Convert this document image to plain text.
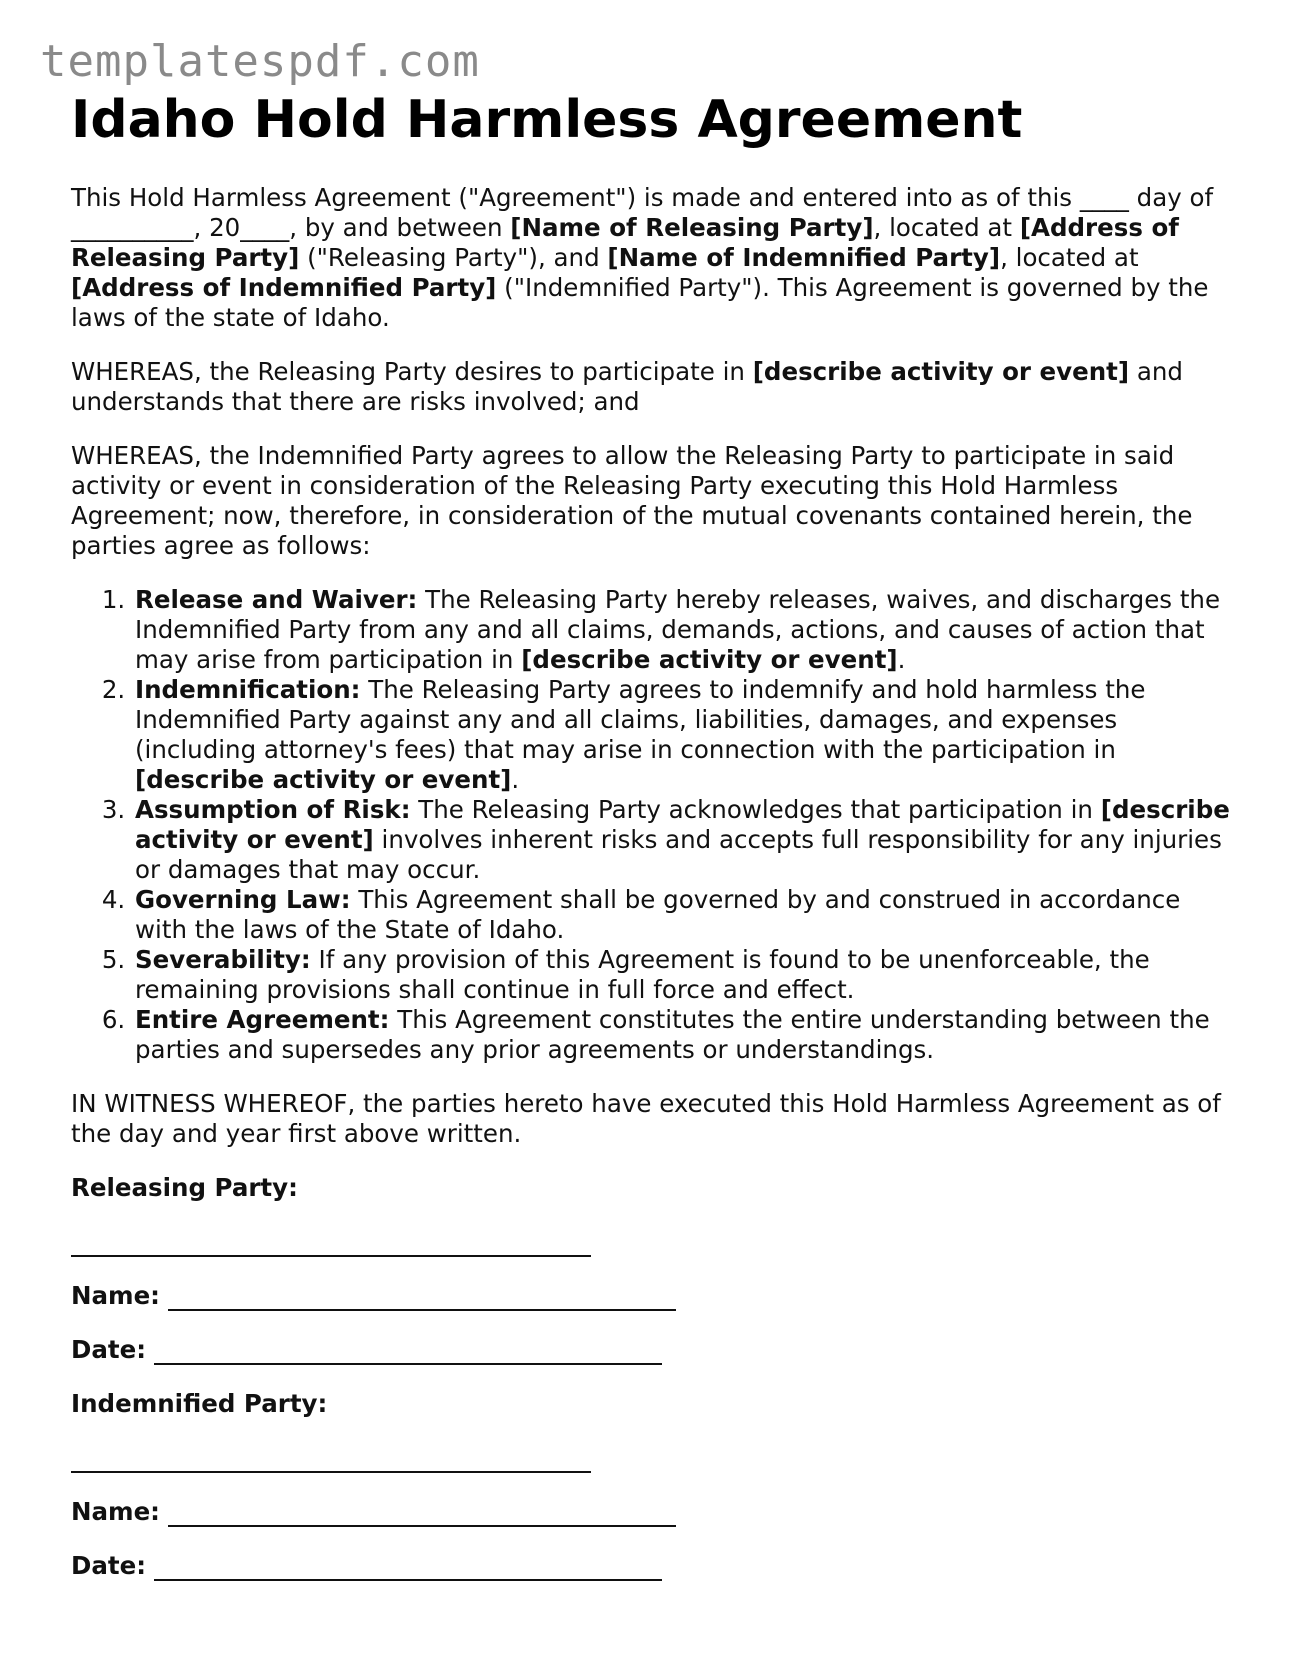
templatespdf.com
Idaho Hold Harmless Agreement

This Hold Harmless Agreement ("Agreement") is made and entered into as of this ____ day of __________, 20____, by and between [Name of Releasing Party], located at [Address of Releasing Party] ("Releasing Party"), and [Name of Indemnified Party], located at [Address of Indemnified Party] ("Indemnified Party"). This Agreement is governed by the laws of the state of Idaho.

WHEREAS, the Releasing Party desires to participate in [describe activity or event] and understands that there are risks involved; and

WHEREAS, the Indemnified Party agrees to allow the Releasing Party to participate in said activity or event in consideration of the Releasing Party executing this Hold Harmless Agreement; now, therefore, in consideration of the mutual covenants contained herein, the parties agree as follows:

1. Release and Waiver: The Releasing Party hereby releases, waives, and discharges the Indemnified Party from any and all claims, demands, actions, and causes of action that may arise from participation in [describe activity or event].
2. Indemnification: The Releasing Party agrees to indemnify and hold harmless the Indemnified Party against any and all claims, liabilities, damages, and expenses (including attorney's fees) that may arise in connection with the participation in [describe activity or event].
3. Assumption of Risk: The Releasing Party acknowledges that participation in [describe activity or event] involves inherent risks and accepts full responsibility for any injuries or damages that may occur.
4. Governing Law: This Agreement shall be governed by and construed in accordance with the laws of the State of Idaho.
5. Severability: If any provision of this Agreement is found to be unenforceable, the remaining provisions shall continue in full force and effect.
6. Entire Agreement: This Agreement constitutes the entire understanding between the parties and supersedes any prior agreements or understandings.

IN WITNESS WHEREOF, the parties hereto have executed this Hold Harmless Agreement as of the day and year first above written.

Releasing Party:
Name:
Date:
Indemnified Party:
Name:
Date:
